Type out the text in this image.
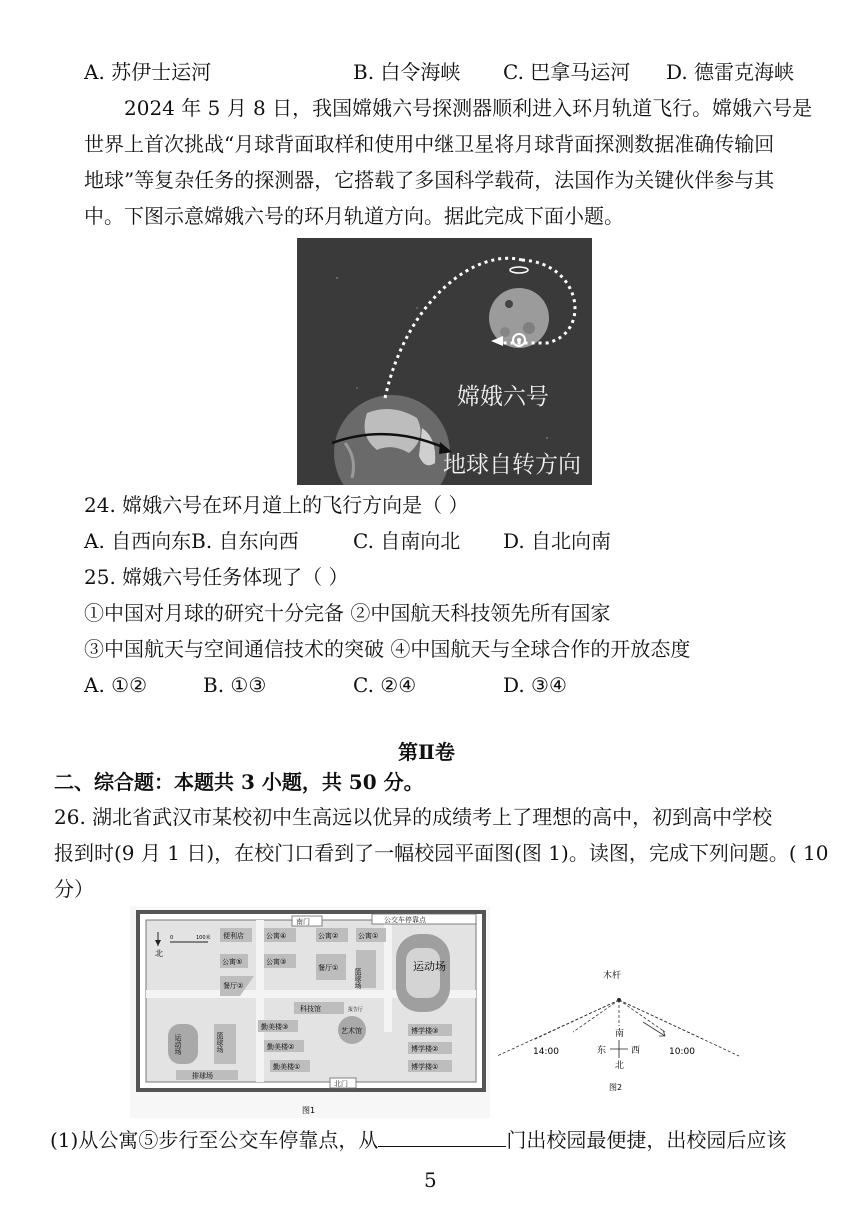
A. 苏伊士运河	B. 白令海峡 C. 巴拿马运河 D. 德雷克海峡
2024 年 5 月 8 日，我国嫦娥六号探测器顺利进入环月轨道飞行。嫦娥六号是
世界上首次挑战“月球背面取样和使用中继卫星将月球背面探测数据准确传输回
地球”等复杂任务的探测器，它搭载了多国科学载荷，法国作为关键伙伴参与其
中。下图示意嫦娥六号的环月轨道方向。据此完成下面小题。
嫦娥六号
地球自转方向
24. 嫦娥六号在环月道上的飞行方向是（ ）
A. 自西向东B. 自东向西	C. 自南向北 D. 自北向南
25. 嫦娥六号任务体现了（ ）
①中国对月球的研究十分完备 ②中国航天科技领先所有国家
③中国航天与空间通信技术的突破 ④中国航天与全球合作的开放态度
A. ①②	B. ①③	C. ②④	D. ③④
第Ⅱ卷
二、综合题：本题共 3 小题，共 50 分。
26. 湖北省武汉市某校初中生高远以优异的成绩考上了理想的高中，初到高中学校
报到时(9 月 1 日)，在校门口看到了一幅校园平面图(图 1)。读图，完成下列问题。( 10
分）
南门	公交车停靠点
北门
北
0	100米 便利店
公寓⑤
餐厅②
公寓④
公寓③
公寓②	公寓①
餐厅① 篮球场
运动场
科技馆	报告厅
艺术馆
勤美楼③
勤美楼②
勤美楼①
博学楼③
博学楼②
博学楼①
运动场	篮球场
排球场
图1
木杆
14:00	10:00
南
东	西
北
图2
(1)从公寓⑤步行至公交车停靠点，从	门出校园最便捷，出校园后应该
5
